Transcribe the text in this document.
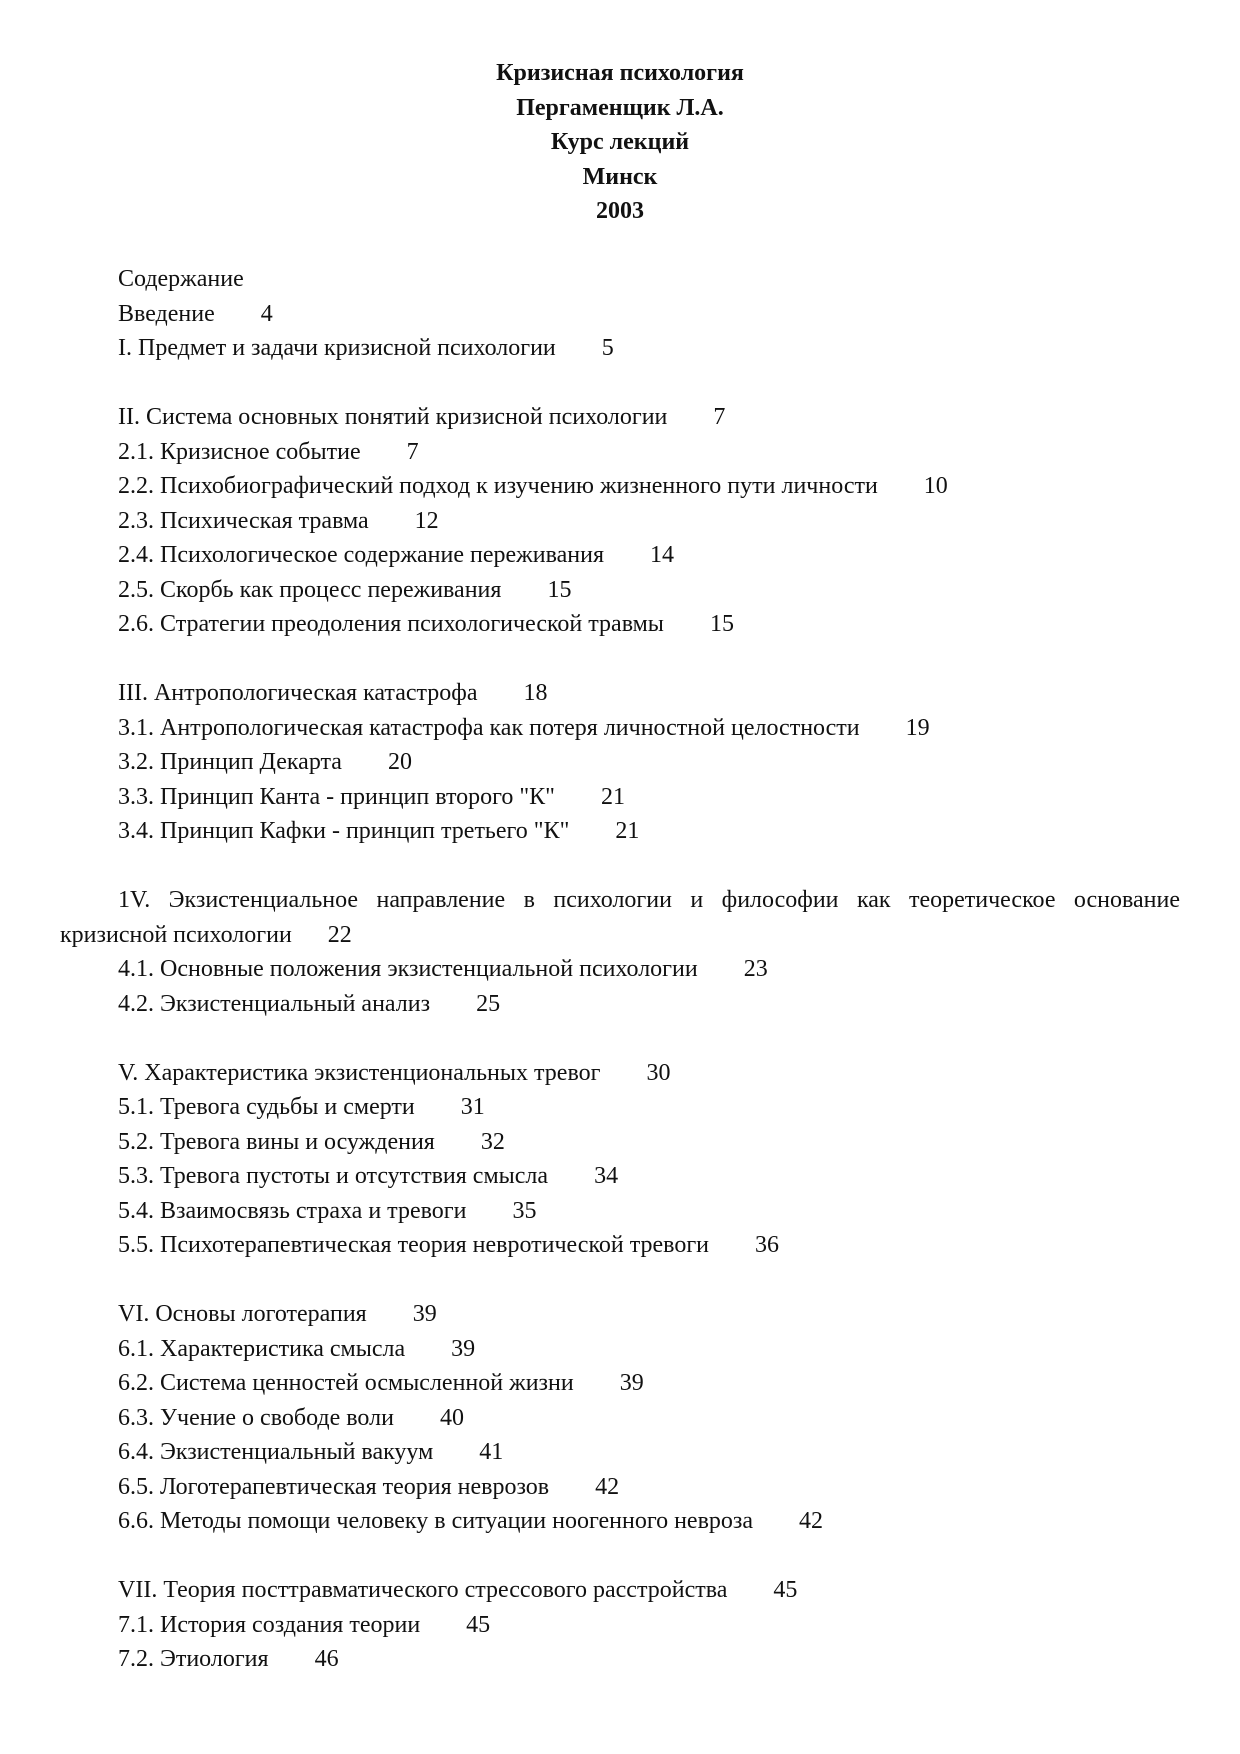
Кризисная психология
Пергаменщик Л.А.
Курс лекций
Минск
2003
Содержание
Введение 4
I. Предмет и задачи кризисной психологии 5
II. Система основных понятий кризисной психологии 7
2.1. Кризисное событие 7
2.2. Психобиографический подход к изучению жизненного пути личности 10
2.3. Психическая травма 12
2.4. Психологическое содержание переживания 14
2.5. Скорбь как процесс переживания 15
2.6. Стратегии преодоления психологической травмы 15
III. Антропологическая катастрофа 18
3.1. Антропологическая катастрофа как потеря личностной целостности 19
3.2. Принцип Декарта 20
3.3. Принцип Канта - принцип второго "К" 21
3.4. Принцип Кафки - принцип третьего "К" 21
1V. Экзистенциальное направление в психологии и философии как теоретическое основание кризисной психологии 22
4.1. Основные положения экзистенциальной психологии 23
4.2. Экзистенциальный анализ 25
V. Характеристика экзистенциональных тревог 30
5.1. Тревога судьбы и смерти 31
5.2. Тревога вины и осуждения 32
5.3. Тревога пустоты и отсутствия смысла 34
5.4. Взаимосвязь страха и тревоги 35
5.5. Психотерапевтическая теория невротической тревоги 36
VI. Основы логотерапия 39
6.1. Характеристика смысла 39
6.2. Система ценностей осмысленной жизни 39
6.3. Учение о свободе воли 40
6.4. Экзистенциальный вакуум 41
6.5. Логотерапевтическая теория неврозов 42
6.6. Методы помощи человеку в ситуации ноогенного невроза 42
VII. Теория посттравматического стрессового расстройства 45
7.1. История создания теории 45
7.2. Этиология 46
